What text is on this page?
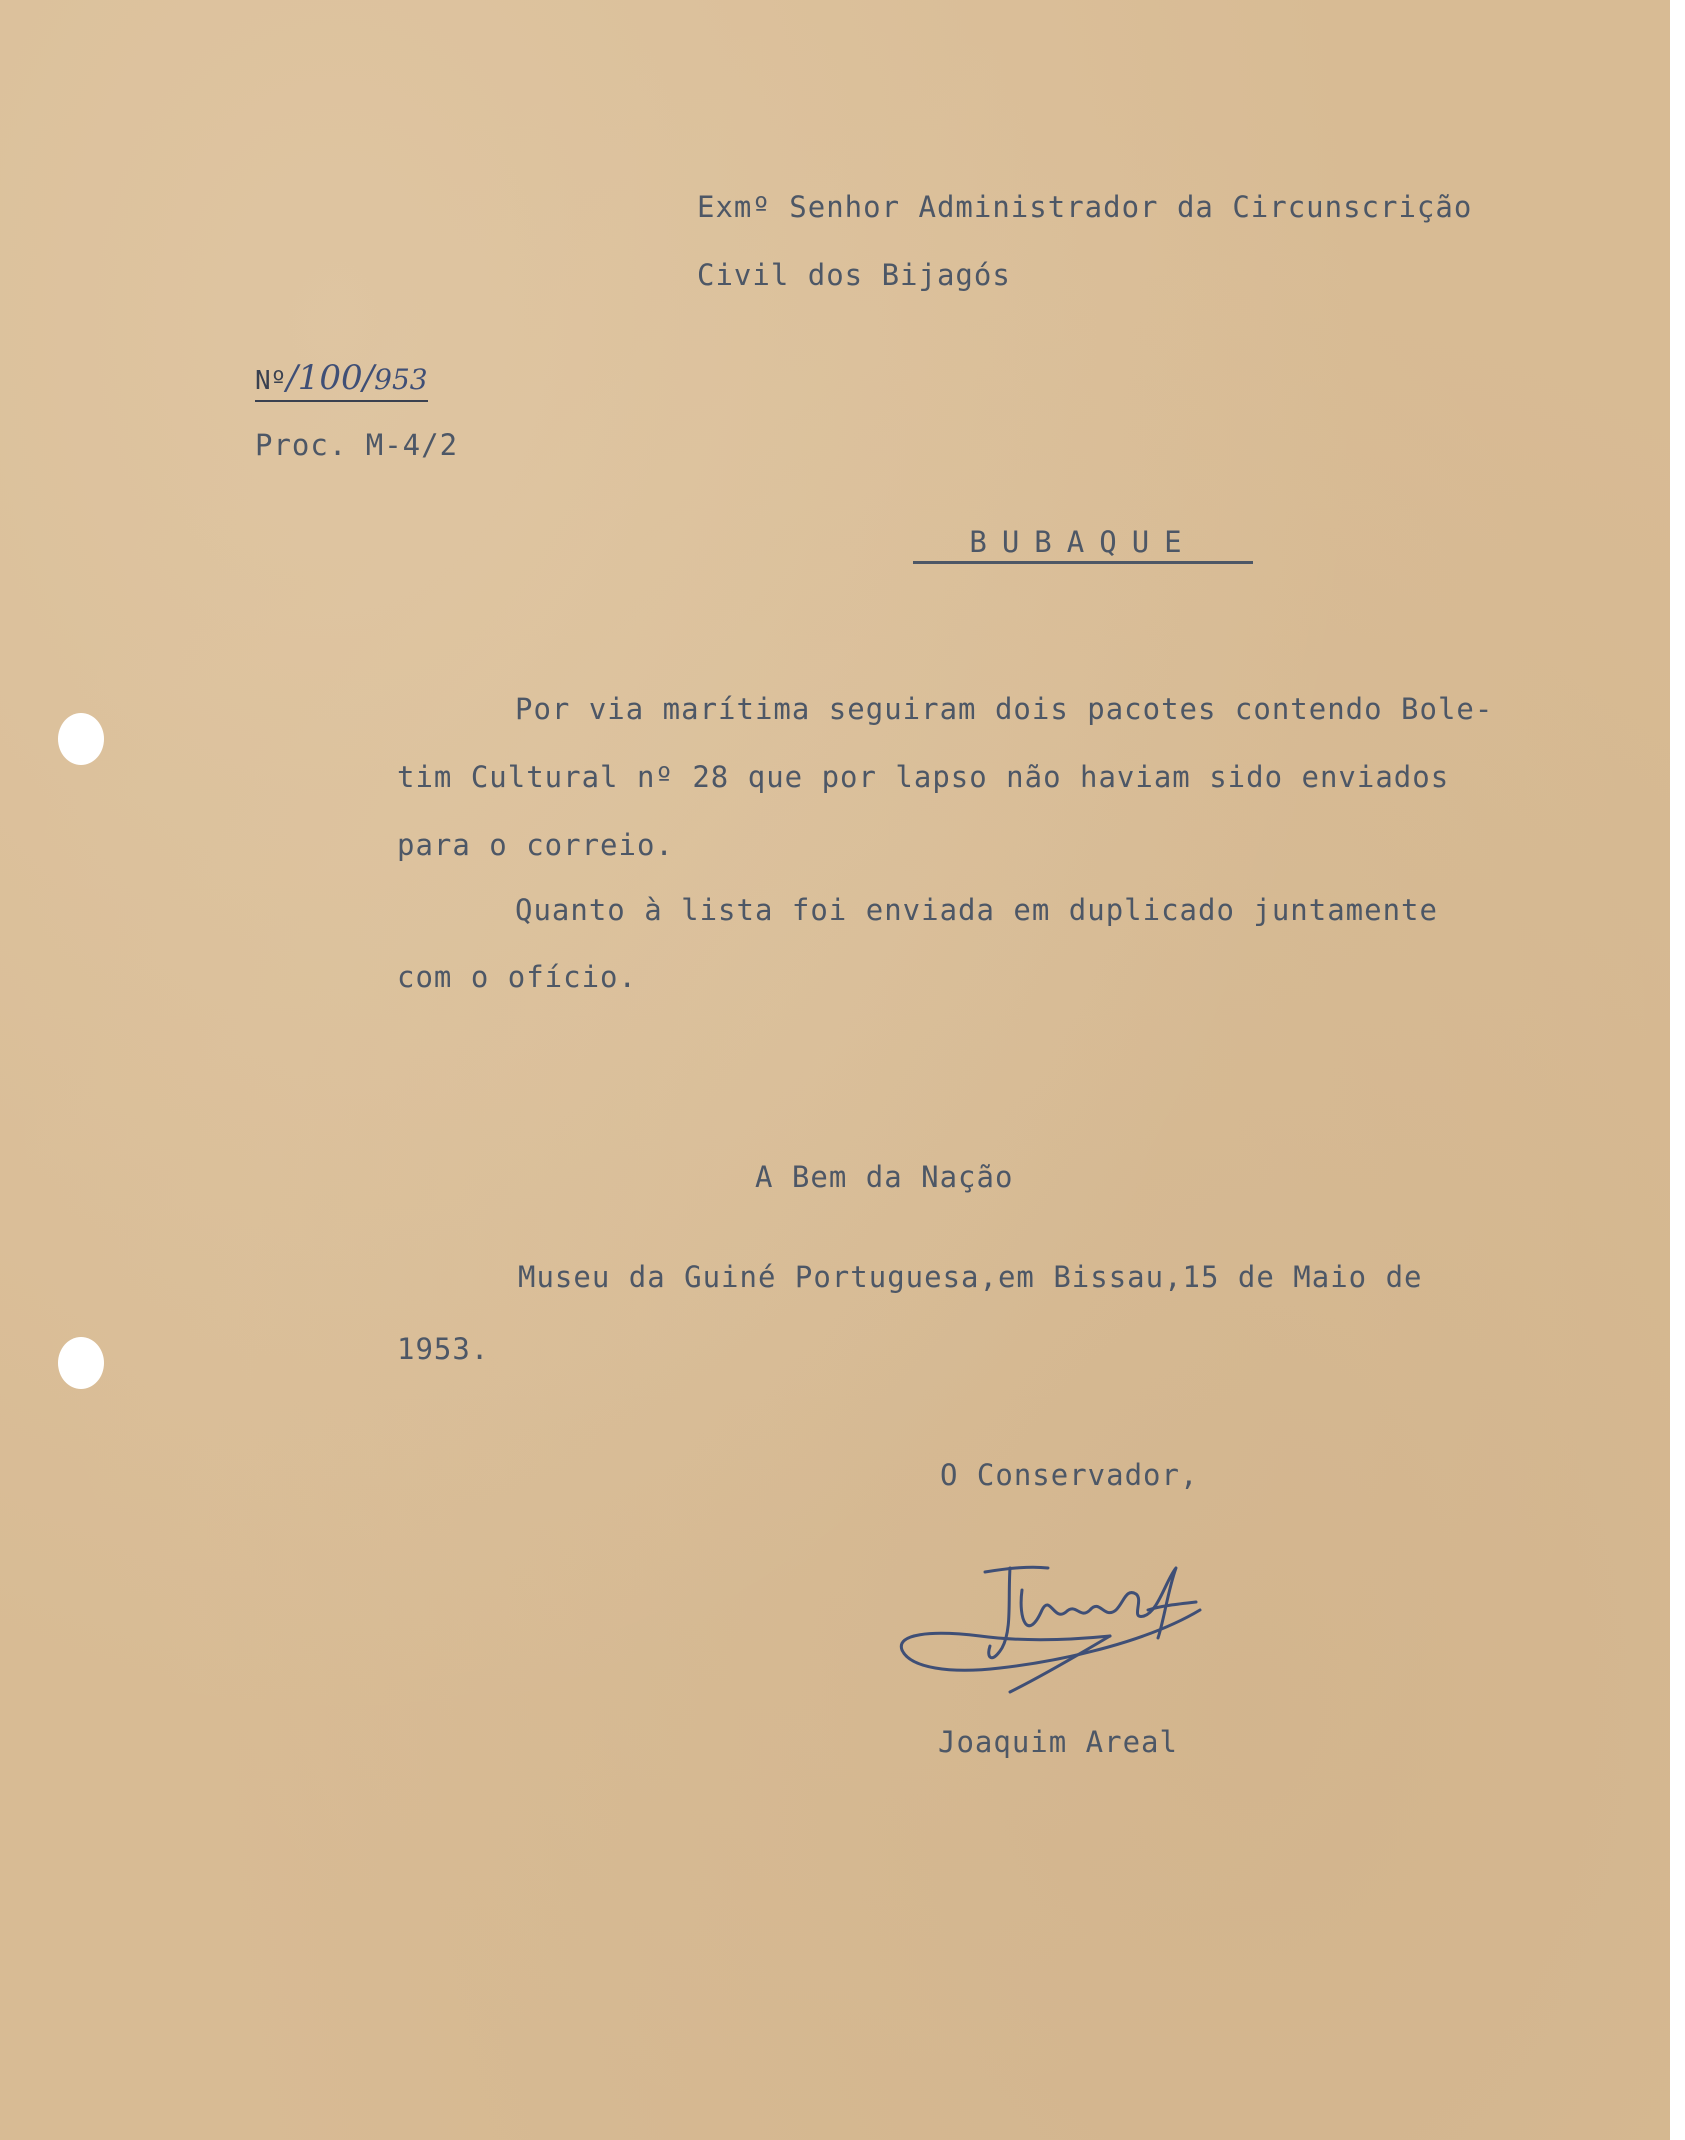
Exmº Senhor Administrador da Circunscrição

Civil dos Bijagós

Nº/100/953

Proc. M-4/2

BUBAQUE

Por via marítima seguiram dois pacotes contendo Bole-

tim Cultural nº 28 que por lapso não haviam sido enviados

para o correio.

Quanto à lista foi enviada em duplicado juntamente

com o ofício.

A Bem da Nação

Museu da Guiné Portuguesa,em Bissau,15 de Maio de

1953.

O Conservador,

Joaquim Areal
